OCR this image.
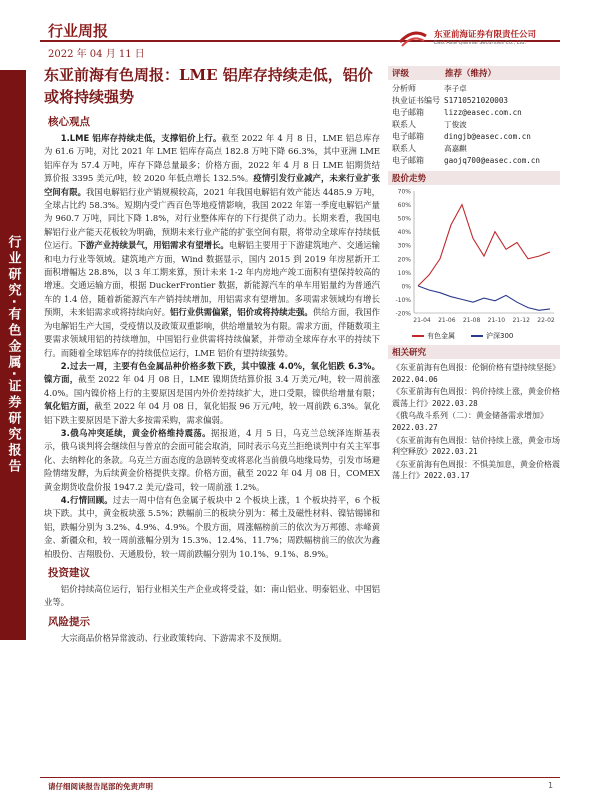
行业研究·有色金属·证券研究报告
行业周报
2022 年 04 月 11 日
东亚前海证券有限责任公司
East Asia Qianhai Securities Co., Ltd.
东亚前海有色周报：LME 铝库存持续走低，铝价或将持续强势
核心观点

1.LME 铝库存持续走低，支撑铝价上行。截至 2022 年 4 月 8 日，LME 铝总库存为 61.6 万吨，对比 2021 年 LME 铝库存高点 182.8 万吨下降 66.3%，其中亚洲 LME 铝库存为 57.4 万吨，库存下降总量最多；价格方面，2022 年 4 月 8 日 LME 铝期货结算价报 3395 美元/吨，较 2020 年低点增长 132.5%。疫情引发行业减产，未来行业扩张空间有限。我国电解铝行业产销规模较高，2021 年我国电解铝有效产能达 4485.9 万吨，全球占比约 58.3%。短期内受广西百色等地疫情影响，我国 2022 年第一季度电解铝产量为 960.7 万吨，同比下降 1.8%，对行业整体库存的下行提供了动力。长期来看，我国电解铝行业产能天花板较为明确，预期未来行业产能的扩张空间有限，将带动全球库存持续低位运行。下游产业持续景气，用铝需求有望增长。电解铝主要用于下游建筑地产、交通运输和电力行业等领域。建筑地产方面，Wind 数据显示，国内 2015 到 2019 年房屋新开工面积增幅达 28.8%，以 3 年工期来算，预计未来 1-2 年内房地产竣工面积有望保持较高的增速。交通运输方面，根据 DuckerFrontier 数据，新能源汽车的单车用铝量约为普通汽车的 1.4 倍，随着新能源汽车产销持续增加，用铝需求有望增加。多项需求领域均有增长预期，未来铝需求或将持续向好。铝行业供需偏紧，铝价或将持续走强。供给方面，我国作为电解铝生产大国，受疫情以及政策双重影响，供给增量较为有限。需求方面，伴随数项主要需求领域用铝的持续增加，中国铝行业供需将持续偏紧，并带动全球库存水平的持续下行。而随着全球铝库存的持续低位运行，LME 铝价有望持续强势。

2.过去一周，主要有色金属品种价格多数下跌，其中镍涨 4.0%，氧化铝跌 6.3%。镍方面，截至 2022 年 04 月 08 日，LME 镍期货结算价报 3.4 万美元/吨，较一周前涨 4.0%。国内镍价格上行的主要原因是国内外价差持续扩大，进口受限，镍供给增量有限；氧化铝方面，截至 2022 年 04 月 08 日，氧化铝报 96 万元/吨，较一周前跌 6.3%。氧化铝下跌主要原因是下游大多按需采购，需求偏弱。

3.俄乌冲突延续，黄金价格维持震荡。据报道，4 月 5 日，乌克兰总统泽连斯基表示，俄乌谈判将会继续但与普京的会面可能会取消，同时表示乌克兰拒绝谈判中有关主军事化、去纳粹化的条款。乌克兰方面态度的急剧转变或将恶化当前俄乌地缘局势，引发市场避险情绪发酵，为后续黄金价格提供支撑。价格方面，截至 2022 年 04 月 08 日，COMEX 黄金期货收盘价报 1947.2 美元/盎司，较一周前涨 1.2%。

4.行情回顾。过去一周中信有色金属子板块中 2 个板块上涨，1 个板块持平，6 个板块下跌。其中，黄金板块涨 5.5%；跌幅前三的板块分别为：稀土及磁性材料、镍钴锡锑和铝，跌幅分别为 3.2%、4.9%、4.9%。个股方面，周涨幅榜前三的依次为万邦德、赤峰黄金、新疆众和，较一周前涨幅分别为 15.3%、12.4%、11.7%；周跌幅榜前三的依次为鑫柏股份、吉翔股份、天通股份，较一周前跌幅分别为 10.1%、9.1%、8.9%。

投资建议

铝价持续高位运行，铝行业相关生产企业或将受益，如：南山铝业、明泰铝业、中国铝业等。

风险提示

大宗商品价格异常波动、行业政策转向、下游需求不及预期。

评级	推荐（维持）
分析师	李子卓
执业证书编号 S1710521020003
电子邮箱	lizz@easec.com.cn
联系人	丁俊波
电子邮箱	dingjb@easec.com.cn
联系人	高嘉麒
电子邮箱	gaojq700@easec.com.cn
股价走势
70%
60%
50%
40%
30%
20%
10%
0%
-10%
-20%
21-04 21-06 21-08 21-10 21-12 22-02
有色金属	沪深300
相关研究
《东亚前海有色周报：伦铜价格有望持续坚挺》2022.04.06
《东亚前海有色周报：钨价持续上涨，黄金价格震荡上行》2022.03.28
《俄乌战斗系列（二）：黄金储备需求增加》2022.03.27
《东亚前海有色周报：钴价持续上涨，黄金市场利空释放》2022.03.21
《东亚前海有色周报：不惧美加息，黄金价格震荡上行》2022.03.17
请仔细阅读报告尾部的免责声明	1
